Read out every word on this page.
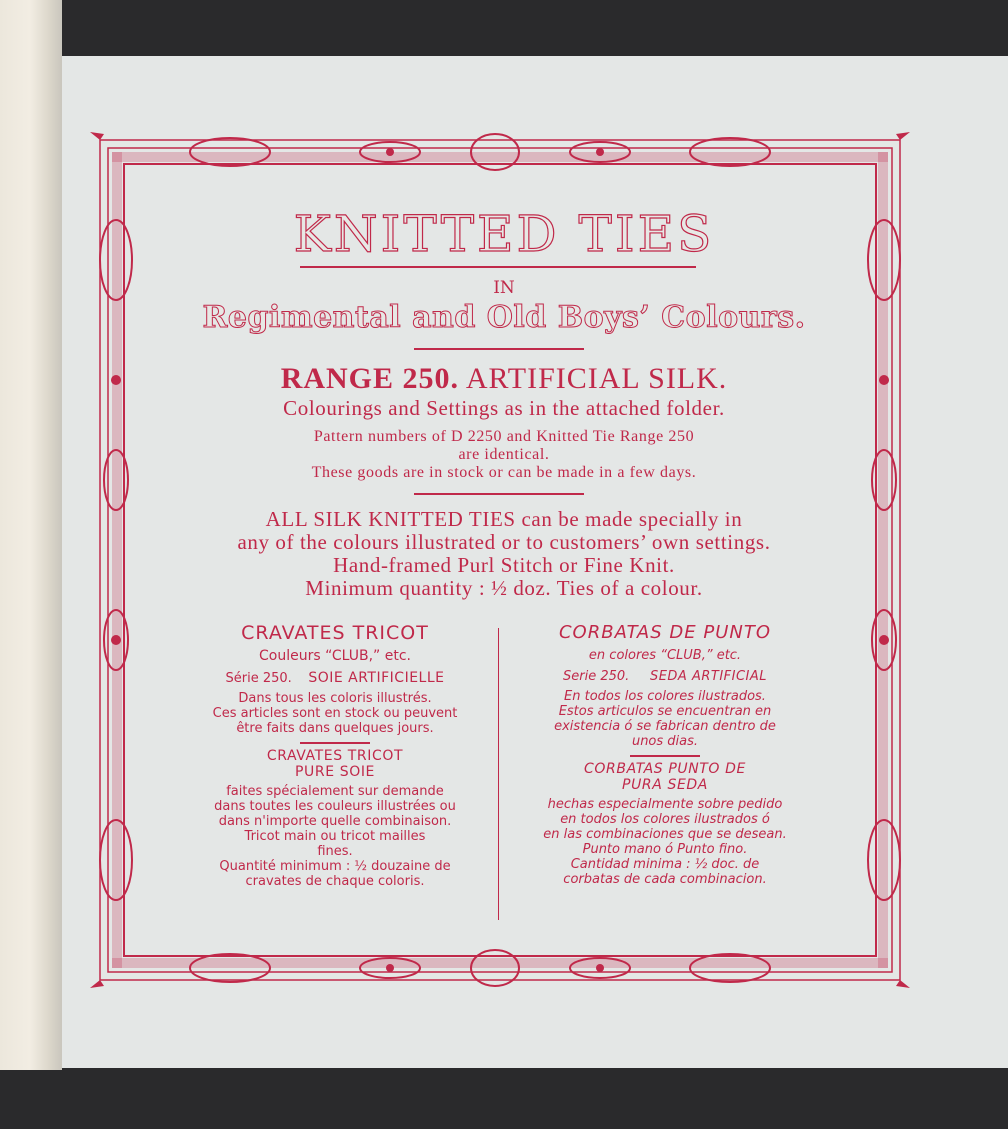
KNITTED TIES
IN
Regimental and Old Boys’ Colours.
RANGE 250. ARTIFICIAL SILK.
Colourings and Settings as in the attached folder.
Pattern numbers of D 2250 and Knitted Tie Range 250
are identical.
These goods are in stock or can be made in a few days.
ALL SILK KNITTED TIES can be made specially in
any of the colours illustrated or to customers’ own settings.
Hand-framed Purl Stitch or Fine Knit.
Minimum quantity : ½ doz. Ties of a colour.

CRAVATES TRICOT

Couleurs “CLUB,” etc.

Série 250. SOIE ARTIFICIELLE

Dans tous les coloris illustrés.

Ces articles sont en stock ou peuvent

être faits dans quelques jours.

CRAVATES TRICOT

PURE SOIE

faites spécialement sur demande

dans toutes les couleurs illustrées ou

dans n'importe quelle combinaison.

Tricot main ou tricot mailles

fines.

Quantité minimum : ½ douzaine de

cravates de chaque coloris.

CORBATAS DE PUNTO

en colores “CLUB,” etc.

Serie 250. SEDA ARTIFICIAL

En todos los colores ilustrados.

Estos articulos se encuentran en

existencia ó se fabrican dentro de

unos dias.

CORBATAS PUNTO DE

PURA SEDA

hechas especialmente sobre pedido

en todos los colores ilustrados ó

en las combinaciones que se desean.

Punto mano ó Punto fino.

Cantidad minima : ½ doc. de

corbatas de cada combinacion.
